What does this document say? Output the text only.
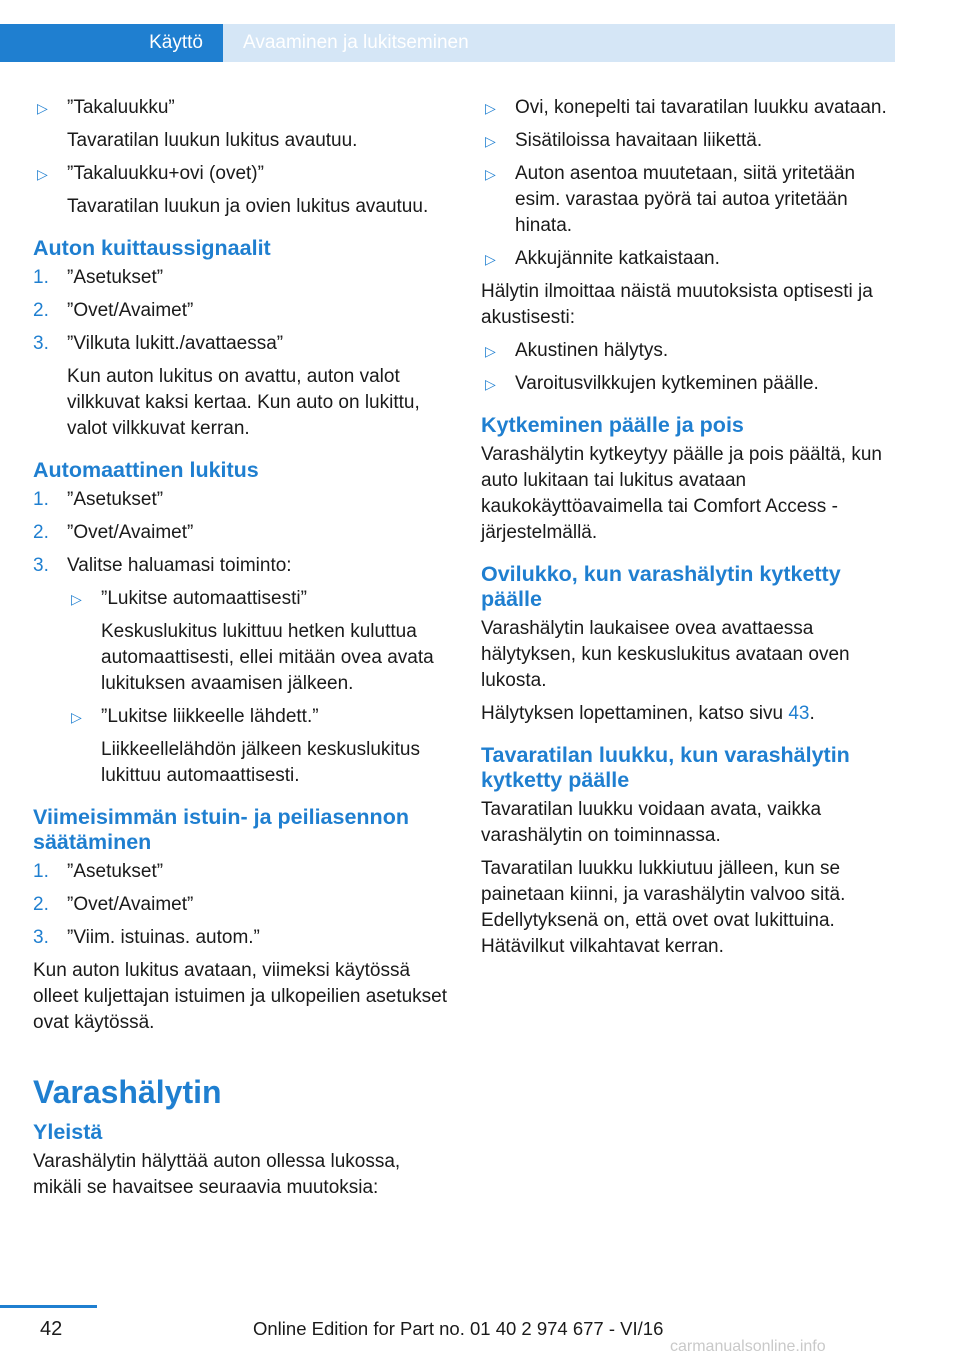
Käyttö	Avaaminen ja lukitseminen
▷ ”Takaluukku”
Tavaratilan luukun lukitus avautuu.
▷ ”Takaluukku+ovi (ovet)”
Tavaratilan luukun ja ovien lukitus avautuu.
Auton kuittaussignaalit
1. ”Asetukset”
2. ”Ovet/Avaimet”
3. ”Vilkuta lukitt./avattaessa”
Kun auton lukitus on avattu, auton valot vilkkuvat kaksi kertaa. Kun auto on lukittu, valot vilkkuvat kerran.
Automaattinen lukitus
1. ”Asetukset”
2. ”Ovet/Avaimet”
3. Valitse haluamasi toiminto:
▷ ”Lukitse automaattisesti”
Keskuslukitus lukittuu hetken kuluttua automaattisesti, ellei mitään ovea avata lukituksen avaamisen jälkeen.
▷ ”Lukitse liikkeelle lähdett.”
Liikkeellelähdön jälkeen keskuslukitus lukittuu automaattisesti.
Viimeisimmän istuin- ja peiliasennon säätäminen
1. ”Asetukset”
2. ”Ovet/Avaimet”
3. ”Viim. istuinas. autom.”

Kun auton lukitus avataan, viimeksi käytössä olleet kuljettajan istuimen ja ulkopeilien asetukset ovat käytössä.

Varashälytin
Yleistä

Varashälytin hälyttää auton ollessa lukossa, mikäli se havaitsee seuraavia muutoksia:

▷ Ovi, konepelti tai tavaratilan luukku avataan.
▷ Sisätiloissa havaitaan liikettä.
▷ Auton asentoa muutetaan, siitä yritetään esim. varastaa pyörä tai autoa yritetään hinata.
▷ Akkujännite katkaistaan.

Hälytin ilmoittaa näistä muutoksista optisesti ja akustisesti:

▷ Akustinen hälytys.
▷ Varoitusvilkkujen kytkeminen päälle.
Kytkeminen päälle ja pois

Varashälytin kytkeytyy päälle ja pois päältä, kun auto lukitaan tai lukitus avataan kaukokäyttöavaimella tai Comfort Access -järjestelmällä.

Ovilukko, kun varashälytin kytketty päälle

Varashälytin laukaisee ovea avattaessa hälytyksen, kun keskuslukitus avataan oven lukosta.

Hälytyksen lopettaminen, katso sivu 43.

Tavaratilan luukku, kun varashälytin kytketty päälle

Tavaratilan luukku voidaan avata, vaikka varashälytin on toiminnassa.

Tavaratilan luukku lukkiutuu jälleen, kun se painetaan kiinni, ja varashälytin valvoo sitä. Edellytyksenä on, että ovet ovat lukittuina. Hätävilkut vilkahtavat kerran.

42	Online Edition for Part no. 01 40 2 974 677 - VI/16
carmanualsonline.info
